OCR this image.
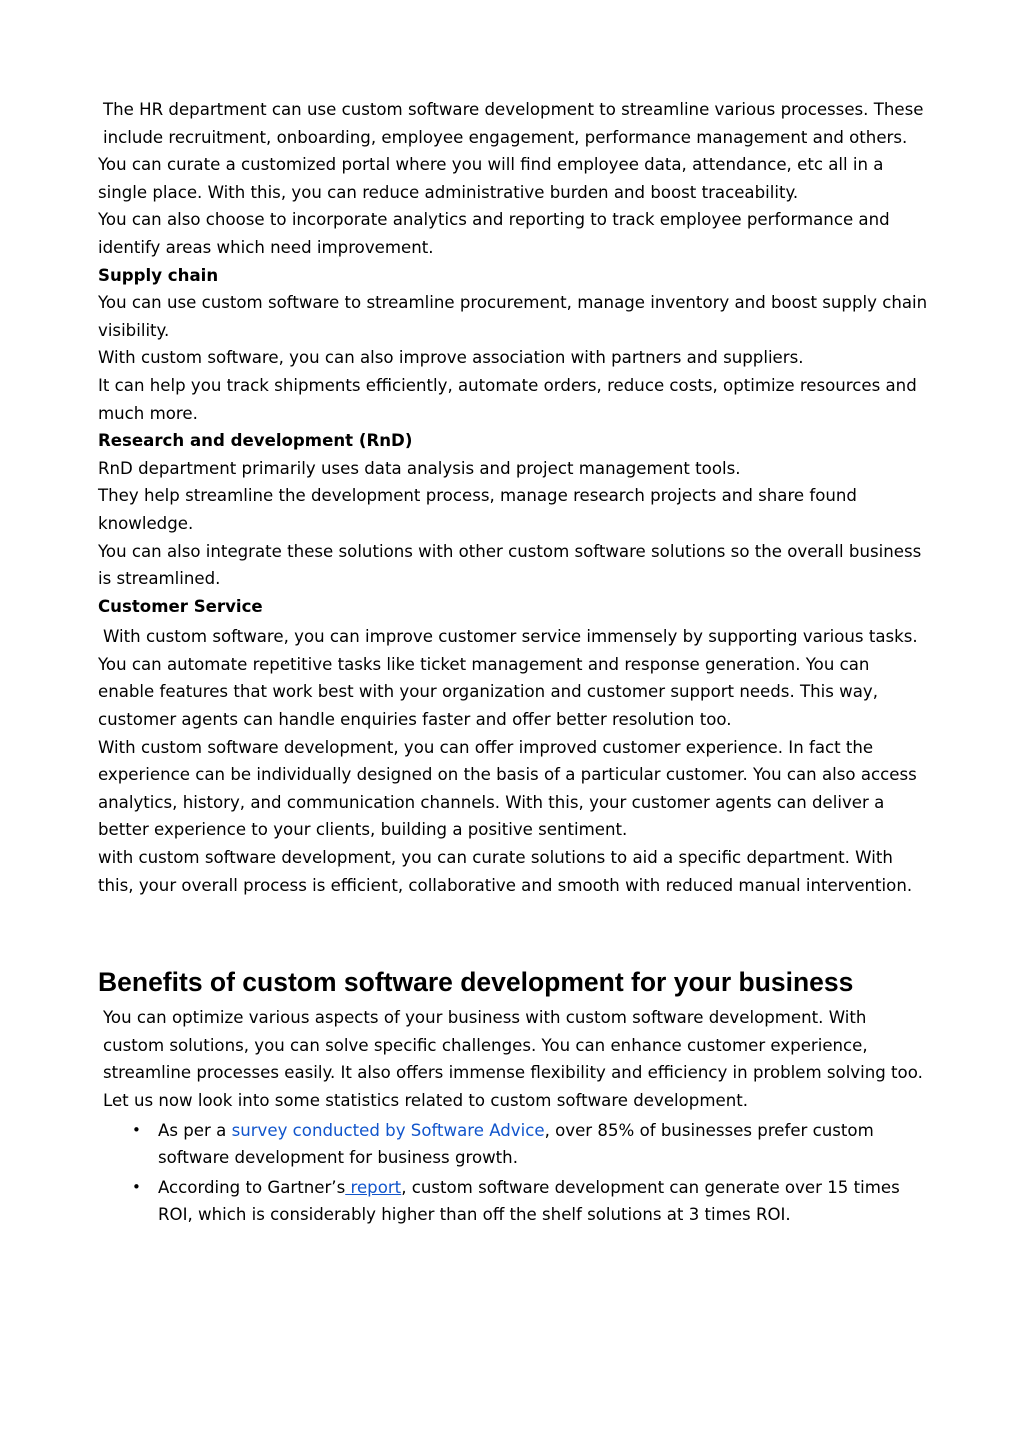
The HR department can use custom software development to streamline various processes. These include recruitment, onboarding, employee engagement, performance management and others.

You can curate a customized portal where you will find employee data, attendance, etc all in a single place. With this, you can reduce administrative burden and boost traceability.

You can also choose to incorporate analytics and reporting to track employee performance and identify areas which need improvement.

Supply chain

You can use custom software to streamline procurement, manage inventory and boost supply chain visibility.

With custom software, you can also improve association with partners and suppliers.

It can help you track shipments efficiently, automate orders, reduce costs, optimize resources and much more.

Research and development (RnD)

RnD department primarily uses data analysis and project management tools.

They help streamline the development process, manage research projects and share found knowledge.

You can also integrate these solutions with other custom software solutions so the overall business is streamlined.

Customer Service

With custom software, you can improve customer service immensely by supporting various tasks.

You can automate repetitive tasks like ticket management and response generation. You can enable features that work best with your organization and customer support needs. This way, customer agents can handle enquiries faster and offer better resolution too.

With custom software development, you can offer improved customer experience. In fact the experience can be individually designed on the basis of a particular customer. You can also access analytics, history, and communication channels. With this, your customer agents can deliver a better experience to your clients, building a positive sentiment.

with custom software development, you can curate solutions to aid a specific department. With this, your overall process is efficient, collaborative and smooth with reduced manual intervention.

Benefits of custom software development for your business

You can optimize various aspects of your business with custom software development. With custom solutions, you can solve specific challenges. You can enhance customer experience, streamline processes easily. It also offers immense flexibility and efficiency in problem solving too. Let us now look into some statistics related to custom software development.

• As per a survey conducted by Software Advice, over 85% of businesses prefer custom software development for business growth.
• According to Gartner’s report, custom software development can generate over 15 times ROI, which is considerably higher than off the shelf solutions at 3 times ROI.
